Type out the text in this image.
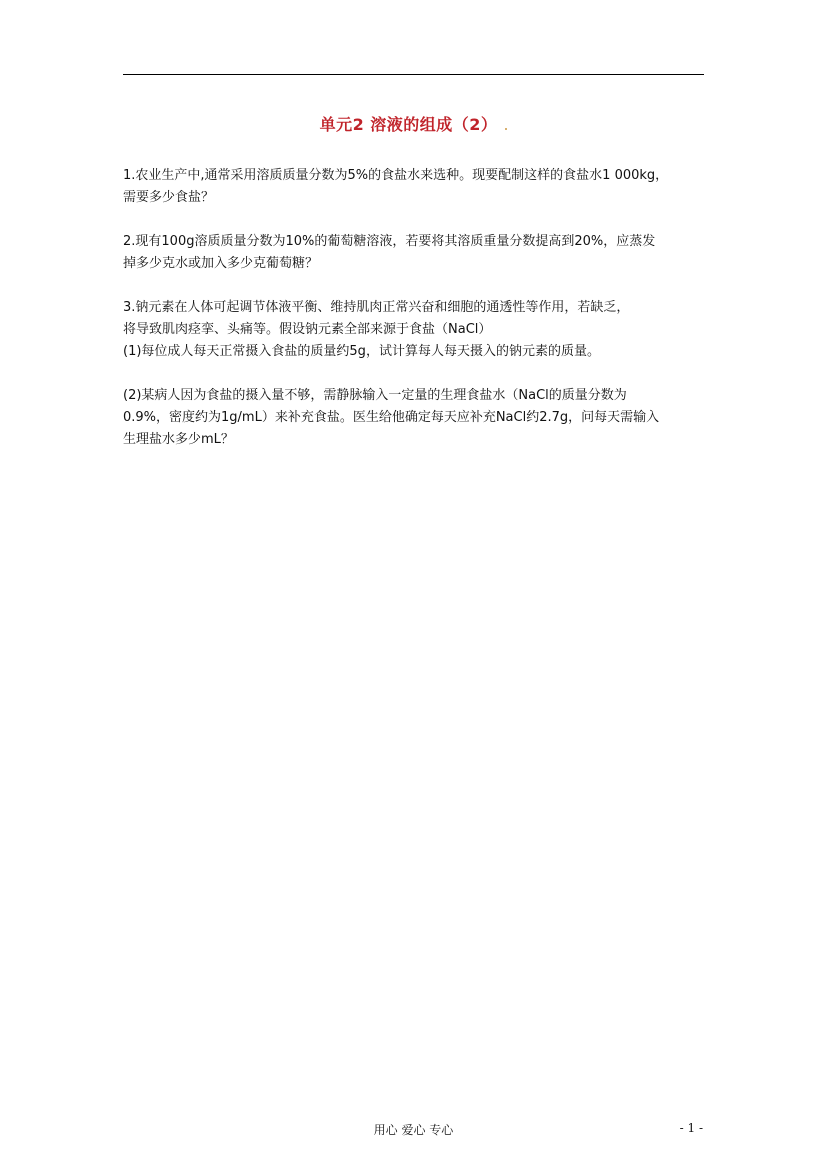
单元2 溶液的组成（2）

1.农业生产中,通常采用溶质质量分数为5%的食盐水来选种。现要配制这样的食盐水1 000kg，

需要多少食盐？

2.现有100g溶质质量分数为10%的葡萄糖溶液，若要将其溶质重量分数提高到20%，应蒸发

掉多少克水或加入多少克葡萄糖？

3.钠元素在人体可起调节体液平衡、维持肌肉正常兴奋和细胞的通透性等作用，若缺乏，

将导致肌肉痉挛、头痛等。假设钠元素全部来源于食盐（NaCl）

(1)每位成人每天正常摄入食盐的质量约5g，试计算每人每天摄入的钠元素的质量。

(2)某病人因为食盐的摄入量不够，需静脉输入一定量的生理食盐水（NaCl的质量分数为

0.9%，密度约为1g/mL）来补充食盐。医生给他确定每天应补充NaCl约2.7g，问每天需输入

生理盐水多少mL？

用心 爱心 专心	- 1 -
